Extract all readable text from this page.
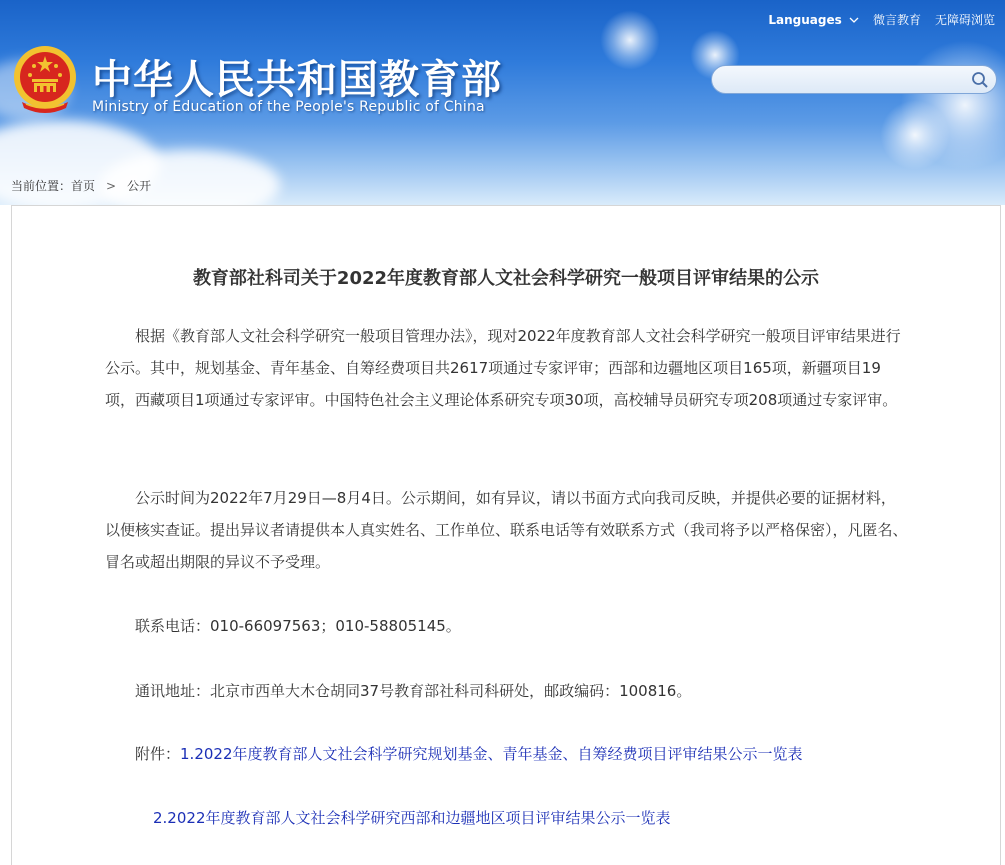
中华人民共和国教育部
Ministry of Education of the People's Republic of China
Languages	微言教育 无障碍浏览
当前位置： 首页 > 公开
教育部社科司关于2022年度教育部人文社会科学研究一般项目评审结果的公示

根据《教育部人文社会科学研究一般项目管理办法》，现对2022年度教育部人文社会科学研究一般项目评审结果进行公示。其中，规划基金、青年基金、自筹经费项目共2617项通过专家评审；西部和边疆地区项目165项，新疆项目19项，西藏项目1项通过专家评审。中国特色社会主义理论体系研究专项30项，高校辅导员研究专项208项通过专家评审。

公示时间为2022年7月29日—8月4日。公示期间，如有异议，请以书面方式向我司反映，并提供必要的证据材料，以便核实查证。提出异议者请提供本人真实姓名、工作单位、联系电话等有效联系方式（我司将予以严格保密），凡匿名、冒名或超出期限的异议不予受理。

联系电话：010-66097563；010-58805145。

通讯地址：北京市西单大木仓胡同37号教育部社科司科研处，邮政编码：100816。

附件：1.2022年度教育部人文社会科学研究规划基金、青年基金、自筹经费项目评审结果公示一览表

2.2022年度教育部人文社会科学研究西部和边疆地区项目评审结果公示一览表
